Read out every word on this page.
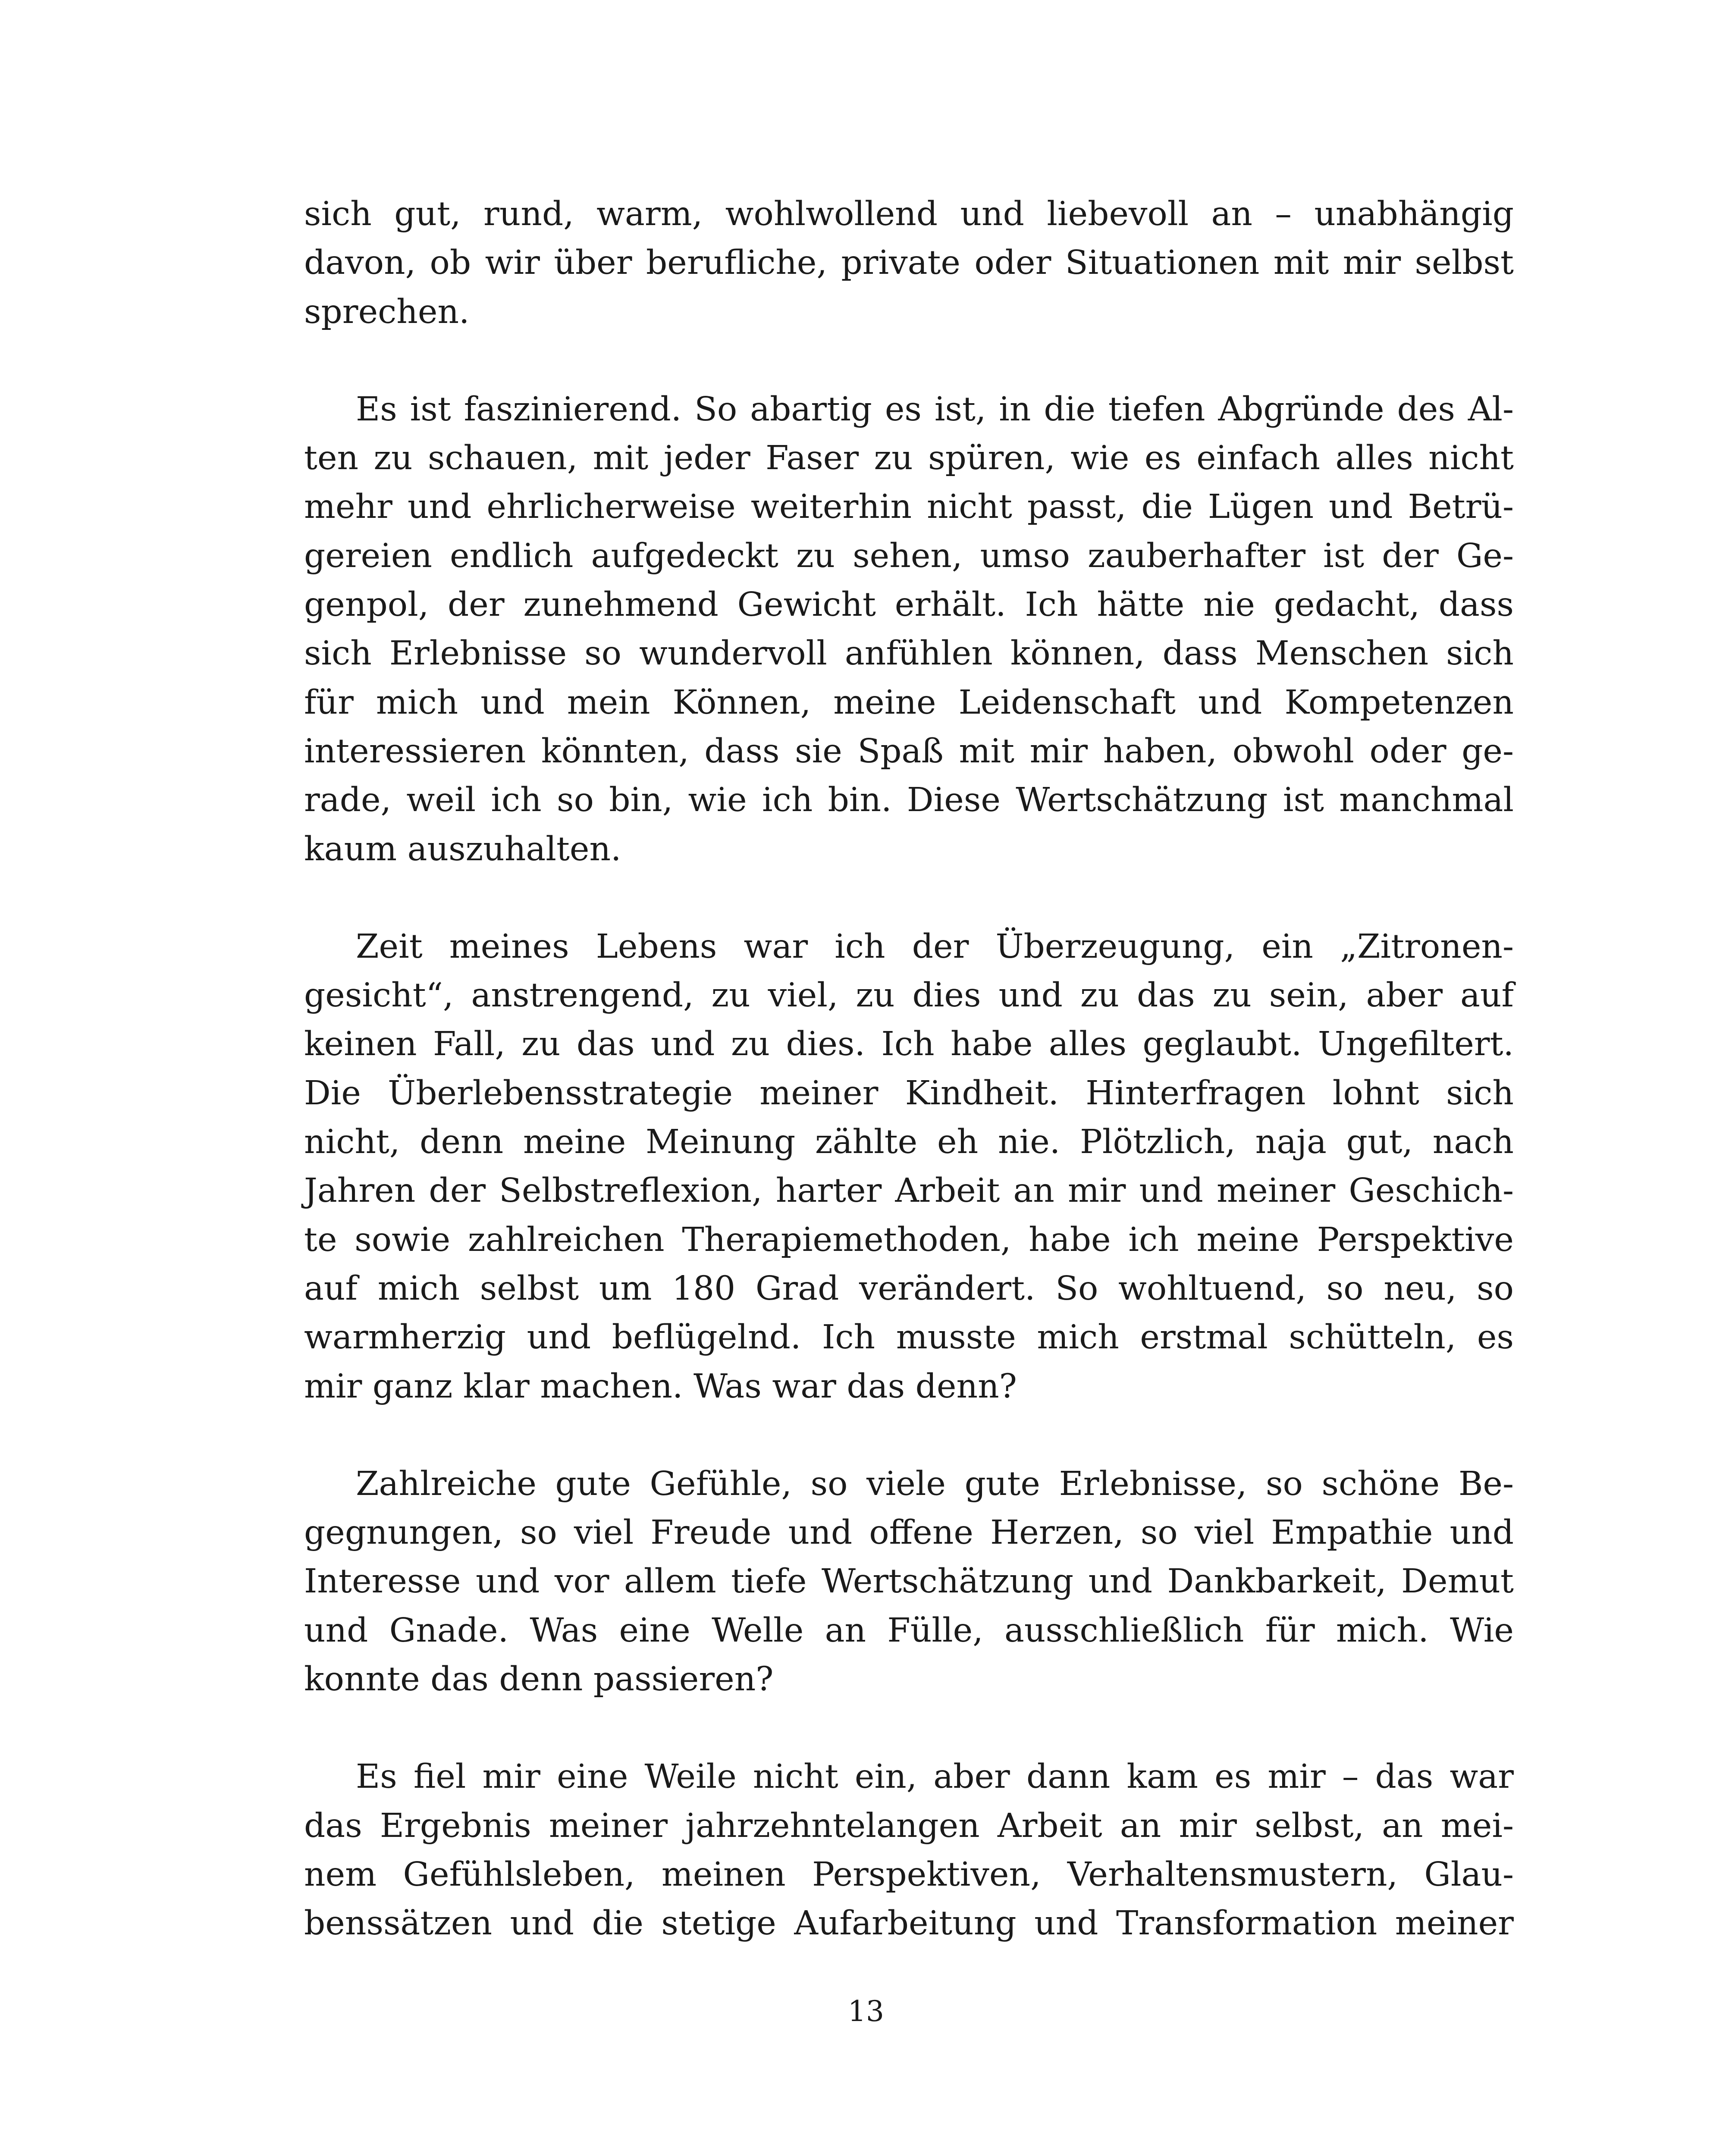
sich gut, rund, warm, wohlwollend und liebevoll an – unabhängig
davon, ob wir über berufliche, private oder Situationen mit mir selbst
sprechen.

Es ist faszinierend. So abartig es ist, in die tiefen Abgründe des Al-
ten zu schauen, mit jeder Faser zu spüren, wie es einfach alles nicht
mehr und ehrlicherweise weiterhin nicht passt, die Lügen und Betrü-
gereien endlich aufgedeckt zu sehen, umso zauberhafter ist der Ge-
genpol, der zunehmend Gewicht erhält. Ich hätte nie gedacht, dass
sich Erlebnisse so wundervoll anfühlen können, dass Menschen sich
für mich und mein Können, meine Leidenschaft und Kompetenzen
interessieren könnten, dass sie Spaß mit mir haben, obwohl oder ge-
rade, weil ich so bin, wie ich bin. Diese Wertschätzung ist manchmal
kaum auszuhalten.

Zeit meines Lebens war ich der Überzeugung, ein „Zitronen-
gesicht“, anstrengend, zu viel, zu dies und zu das zu sein, aber auf
keinen Fall, zu das und zu dies. Ich habe alles geglaubt. Ungefiltert.
Die Überlebensstrategie meiner Kindheit. Hinterfragen lohnt sich
nicht, denn meine Meinung zählte eh nie. Plötzlich, naja gut, nach
Jahren der Selbstreflexion, harter Arbeit an mir und meiner Geschich-
te sowie zahlreichen Therapiemethoden, habe ich meine Perspektive
auf mich selbst um 180 Grad verändert. So wohltuend, so neu, so
warmherzig und beflügelnd. Ich musste mich erstmal schütteln, es
mir ganz klar machen. Was war das denn?

Zahlreiche gute Gefühle, so viele gute Erlebnisse, so schöne Be-
gegnungen, so viel Freude und offene Herzen, so viel Empathie und
Interesse und vor allem tiefe Wertschätzung und Dankbarkeit, Demut
und Gnade. Was eine Welle an Fülle, ausschließlich für mich. Wie
konnte das denn passieren?

Es fiel mir eine Weile nicht ein, aber dann kam es mir – das war
das Ergebnis meiner jahrzehntelangen Arbeit an mir selbst, an mei-
nem Gefühlsleben, meinen Perspektiven, Verhaltensmustern, Glau-
benssätzen und die stetige Aufarbeitung und Transformation meiner

13
